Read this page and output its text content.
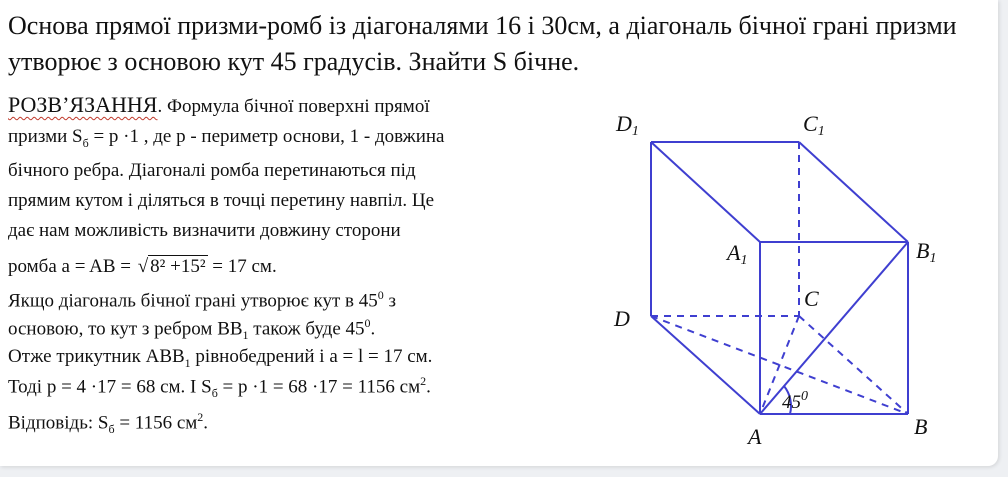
Основа прямої призми-ромб із діагоналями 16 і 30см, а діагональ бічної грані призми утворює з основою кут 45 градусів. Знайти S бічне.
РОЗВ’ЯЗАННЯ. Формула бічної поверхні прямої
призми $S_б = p \cdot 1$ , де p - периметр основи, 1 - довжина
бічного ребра. Діагоналі ромба перетинаються під
прямим кутом і діляться в точці перетину навпіл. Це
дає нам можливість визначити довжину сторони
ромба a = AB = √ 8² +15² = 17 см.
Якщо діагональ бічної грані утворює кут в $45^0$ з
основою, то кут з ребром $BB_1$ також буде $45^0$.
Отже трикутник $ABB_1$ рівнобедрений і a = l = 17 см.
Тоді p = 4 ·17 = 68 см. І $S_б = p \cdot 1 = 68 \cdot 17 = 1156$ $см^2$.
Відповідь: $S_б = 1156$ $см^2$.
D1	C1
A1	B1
C
D
A	B
$45^0$
